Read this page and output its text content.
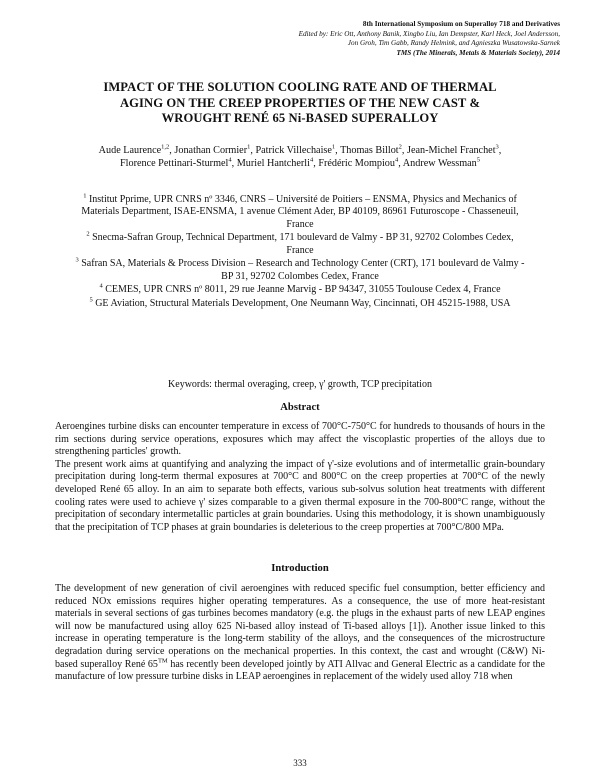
8th International Symposium on Superalloy 718 and Derivatives
Edited by: Eric Ott, Anthony Banik, Xingbo Liu, Ian Dempster, Karl Heck, Joel Andersson,
Jon Groh, Tim Gabb, Randy Helmink, and Agnieszka Wusatowska-Sarnek
TMS (The Minerals, Metals & Materials Society), 2014
IMPACT OF THE SOLUTION COOLING RATE AND OF THERMAL
AGING ON THE CREEP PROPERTIES OF THE NEW CAST &
WROUGHT RENÉ 65 Ni-BASED SUPERALLOY
Aude Laurence$^{1,2}$, Jonathan Cormier$^1$, Patrick Villechaise$^1$, Thomas Billot$^2$, Jean-Michel Franchet$^3$, Florence Pettinari-Sturmel$^4$, Muriel Hantcherli$^4$, Frédéric Mompiou$^4$, Andrew Wessman$^5$
$^1$ Institut Pprime, UPR CNRS nº 3346, CNRS – Université de Poitiers – ENSMA, Physics and Mechanics of Materials Department, ISAE-ENSMA, 1 avenue Clément Ader, BP 40109, 86961 Futuroscope - Chasseneuil, France
$^2$ Snecma-Safran Group, Technical Department, 171 boulevard de Valmy - BP 31, 92702 Colombes Cedex, France
$^3$ Safran SA, Materials & Process Division – Research and Technology Center (CRT), 171 boulevard de Valmy - BP 31, 92702 Colombes Cedex, France
$^4$ CEMES, UPR CNRS nº 8011, 29 rue Jeanne Marvig - BP 94347, 31055 Toulouse Cedex 4, France
$^5$ GE Aviation, Structural Materials Development, One Neumann Way, Cincinnati, OH 45215-1988, USA
Keywords: thermal overaging, creep, γ' growth, TCP precipitation
Abstract

Aeroengines turbine disks can encounter temperature in excess of 700°C-750°C for hundreds to thousands of hours in the rim sections during service operations, exposures which may affect the viscoplastic properties of the alloys due to strengthening particles' growth.

The present work aims at quantifying and analyzing the impact of γ'-size evolutions and of intermetallic grain-boundary precipitation during long-term thermal exposures at 700°C and 800°C on the creep properties at 700°C of the newly developed René 65 alloy. In an aim to separate both effects, various sub-solvus solution heat treatments with different cooling rates were used to achieve γ' sizes comparable to a given thermal exposure in the 700-800°C range, without the precipitation of secondary intermetallic particles at grain boundaries. Using this methodology, it is shown unambiguously that the precipitation of TCP phases at grain boundaries is deleterious to the creep properties at 700°C/800 MPa.

Introduction

The development of new generation of civil aeroengines with reduced specific fuel consumption, better efficiency and reduced NOx emissions requires higher operating temperatures. As a consequence, the use of more heat-resistant materials in several sections of gas turbines becomes mandatory (e.g. the plugs in the exhaust parts of new LEAP engines will now be manufactured using alloy 625 Ni-based alloy instead of Ti-based alloys [1]). Another issue linked to this increase in operating temperature is the long-term stability of the alloys, and the consequences of the microstructure degradation during service operations on the mechanical properties. In this context, the cast and wrought (C&W) Ni-based superalloy René 65™ has recently been developed jointly by ATI Allvac and General Electric as a candidate for the manufacture of low pressure turbine disks in LEAP aeroengines in replacement of the widely used alloy 718 when

333
